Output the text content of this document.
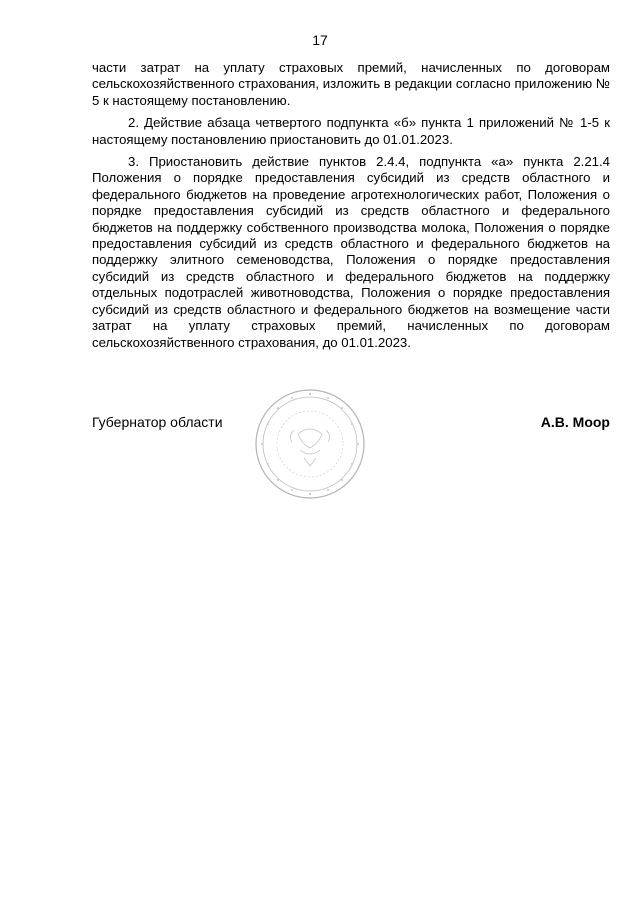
17

части затрат на уплату страховых премий, начисленных по договорам сельскохозяйственного страхования, изложить в редакции согласно приложению № 5 к настоящему постановлению.

2. Действие абзаца четвертого подпункта «б» пункта 1 приложений № 1-5 к настоящему постановлению приостановить до 01.01.2023.

3. Приостановить действие пунктов 2.4.4, подпункта «а» пункта 2.21.4 Положения о порядке предоставления субсидий из средств областного и федерального бюджетов на проведение агротехнологических работ, Положения о порядке предоставления субсидий из средств областного и федерального бюджетов на поддержку собственного производства молока, Положения о порядке предоставления субсидий из средств областного и федерального бюджетов на поддержку элитного семеноводства, Положения о порядке предоставления субсидий из средств областного и федерального бюджетов на поддержку отдельных подотраслей животноводства, Положения о порядке предоставления субсидий из средств областного и федерального бюджетов на возмещение части затрат на уплату страховых премий, начисленных по договорам сельскохозяйственного страхования, до 01.01.2023.

Губернатор области	А.В. Моор
